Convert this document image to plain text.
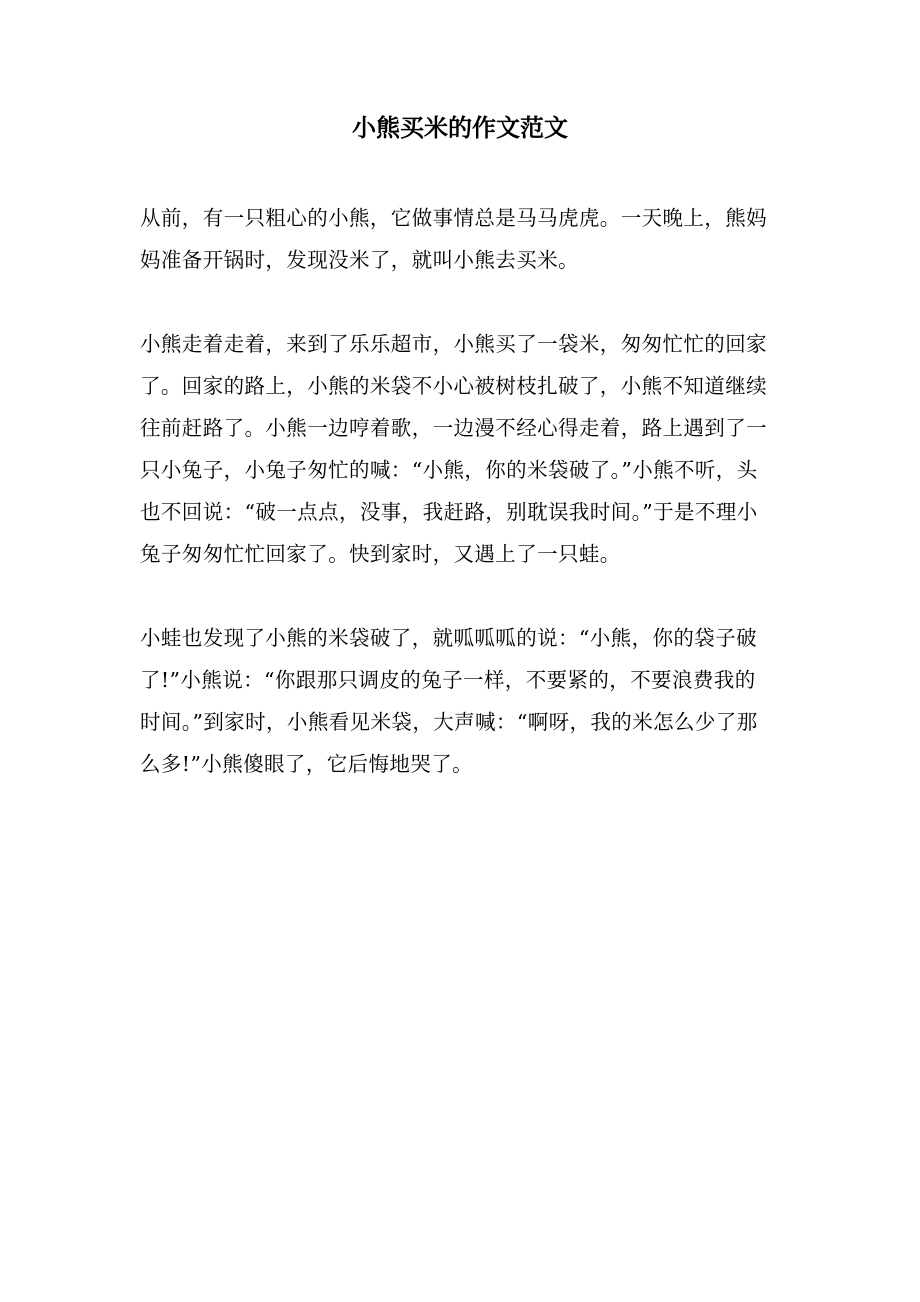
小熊买米的作文范文

从前，有一只粗心的小熊，它做事情总是马马虎虎。一天晚上，熊妈妈准备开锅时，发现没米了，就叫小熊去买米。

小熊走着走着，来到了乐乐超市，小熊买了一袋米，匆匆忙忙的回家了。回家的路上，小熊的米袋不小心被树枝扎破了，小熊不知道继续往前赶路了。小熊一边哼着歌，一边漫不经心得走着，路上遇到了一只小兔子，小兔子匆忙的喊：“小熊，你的米袋破了。”小熊不听，头也不回说：“破一点点，没事，我赶路，别耽误我时间。”于是不理小兔子匆匆忙忙回家了。快到家时，又遇上了一只蛙。

小蛙也发现了小熊的米袋破了，就呱呱呱的说：“小熊，你的袋子破了!”小熊说：“你跟那只调皮的兔子一样，不要紧的，不要浪费我的时间。”到家时，小熊看见米袋，大声喊：“啊呀，我的米怎么少了那么多!”小熊傻眼了，它后悔地哭了。
